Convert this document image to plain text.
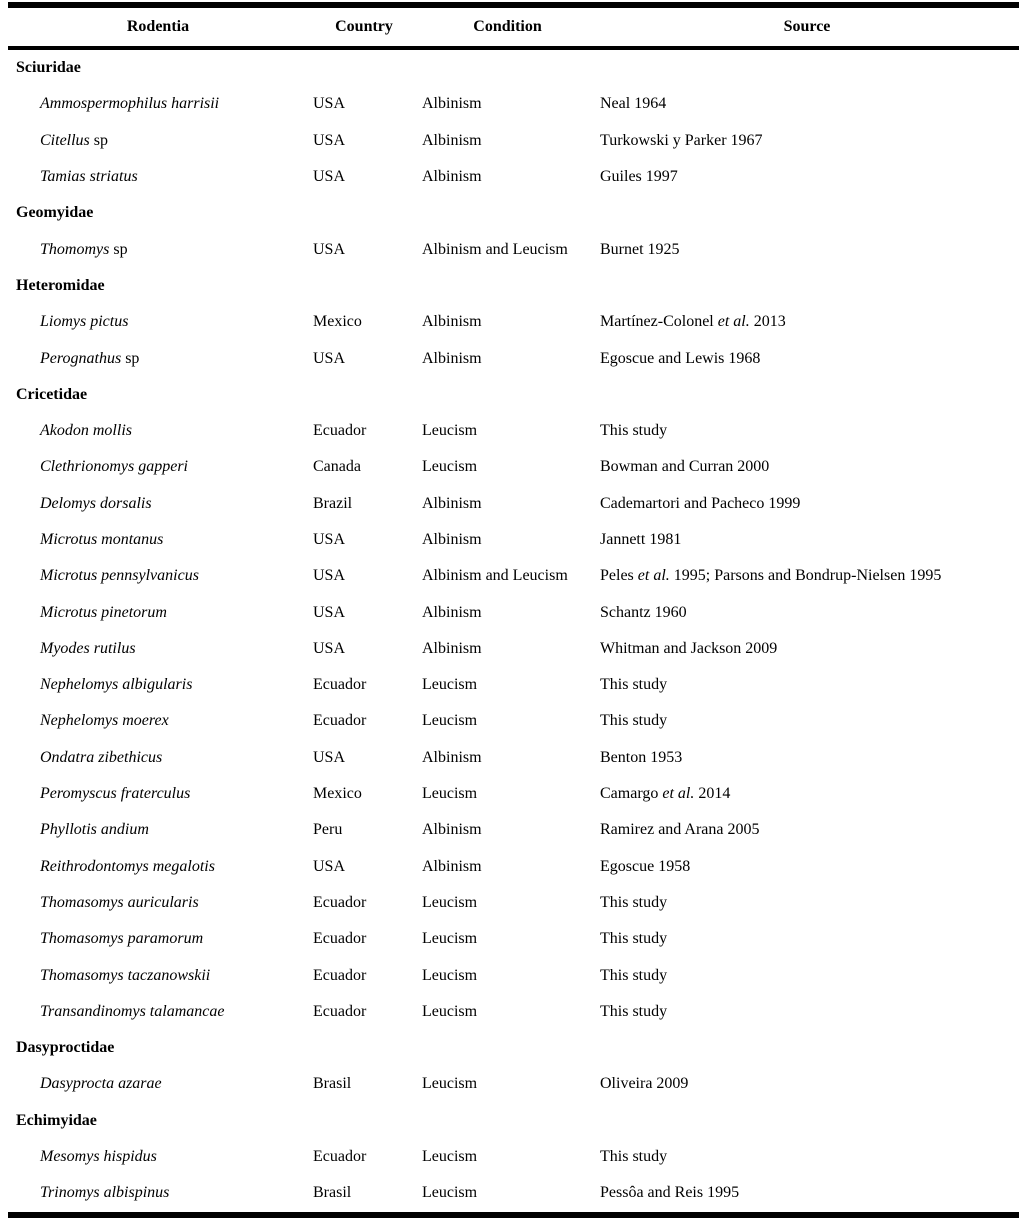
Rodentia	Country	Condition	Source
Sciuridae
Ammospermophilus harrisii	USA	Albinism	Neal 1964
Citellus sp	USA	Albinism	Turkowski y Parker 1967
Tamias striatus	USA	Albinism	Guiles 1997
Geomyidae
Thomomys sp	USA	Albinism and Leucism	Burnet 1925
Heteromidae
Liomys pictus	Mexico	Albinism	Martínez-Colonel et al. 2013
Perognathus sp	USA	Albinism	Egoscue and Lewis 1968
Cricetidae
Akodon mollis	Ecuador	Leucism	This study
Clethrionomys gapperi	Canada	Leucism	Bowman and Curran 2000
Delomys dorsalis	Brazil	Albinism	Cademartori and Pacheco 1999
Microtus montanus	USA	Albinism	Jannett 1981
Microtus pennsylvanicus	USA	Albinism and Leucism	Peles et al. 1995; Parsons and Bondrup-Nielsen 1995
Microtus pinetorum	USA	Albinism	Schantz 1960
Myodes rutilus	USA	Albinism	Whitman and Jackson 2009
Nephelomys albigularis	Ecuador	Leucism	This study
Nephelomys moerex	Ecuador	Leucism	This study
Ondatra zibethicus	USA	Albinism	Benton 1953
Peromyscus fraterculus	Mexico	Leucism	Camargo et al. 2014
Phyllotis andium	Peru	Albinism	Ramirez and Arana 2005
Reithrodontomys megalotis	USA	Albinism	Egoscue 1958
Thomasomys auricularis	Ecuador	Leucism	This study
Thomasomys paramorum	Ecuador	Leucism	This study
Thomasomys taczanowskii	Ecuador	Leucism	This study
Transandinomys talamancae	Ecuador	Leucism	This study
Dasyproctidae
Dasyprocta azarae	Brasil	Leucism	Oliveira 2009
Echimyidae
Mesomys hispidus	Ecuador	Leucism	This study
Trinomys albispinus	Brasil	Leucism	Pessôa and Reis 1995
